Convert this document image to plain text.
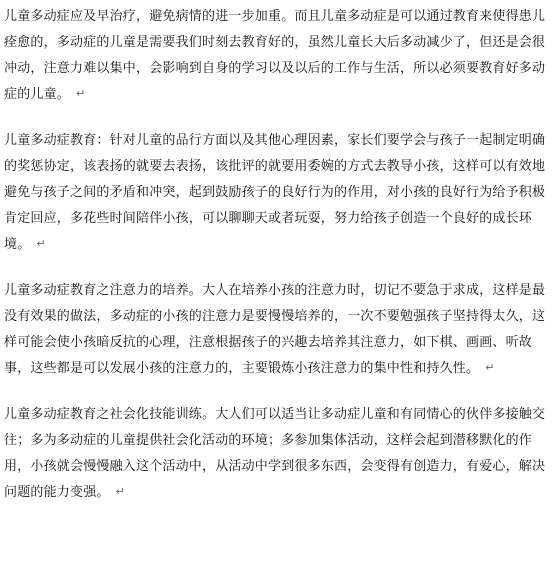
儿童多动症应及早治疗，避免病情的进一步加重。而且儿童多动症是可以通过教育来使得患儿痊愈的，多动症的儿童是需要我们时刻去教育好的，虽然儿童长大后多动减少了，但还是会很冲动，注意力难以集中，会影响到自身的学习以及以后的工作与生活，所以必须要教育好多动症的儿童。 ↵

儿童多动症教育：针对儿童的品行方面以及其他心理因素，家长们要学会与孩子一起制定明确的奖惩协定，该表扬的就要去表扬，该批评的就要用委婉的方式去教导小孩，这样可以有效地避免与孩子之间的矛盾和冲突，起到鼓励孩子的良好行为的作用，对小孩的良好行为给予积极肯定回应，多花些时间陪伴小孩，可以聊聊天或者玩耍，努力给孩子创造一个良好的成长环境。 ↵

儿童多动症教育之注意力的培养。大人在培养小孩的注意力时，切记不要急于求成，这样是最没有效果的做法，多动症的小孩的注意力是要慢慢培养的，一次不要勉强孩子坚持得太久，这样可能会使小孩暗反抗的心理，注意根据孩子的兴趣去培养其注意力，如下棋、画画、听故事，这些都是可以发展小孩的注意力的，主要锻炼小孩注意力的集中性和持久性。 ↵

儿童多动症教育之社会化技能训练。大人们可以适当让多动症儿童和有同情心的伙伴多接触交往；多为多动症的儿童提供社会化活动的环境；多参加集体活动，这样会起到潜移默化的作用，小孩就会慢慢融入这个活动中，从活动中学到很多东西，会变得有创造力，有爱心，解决问题的能力变强。 ↵
